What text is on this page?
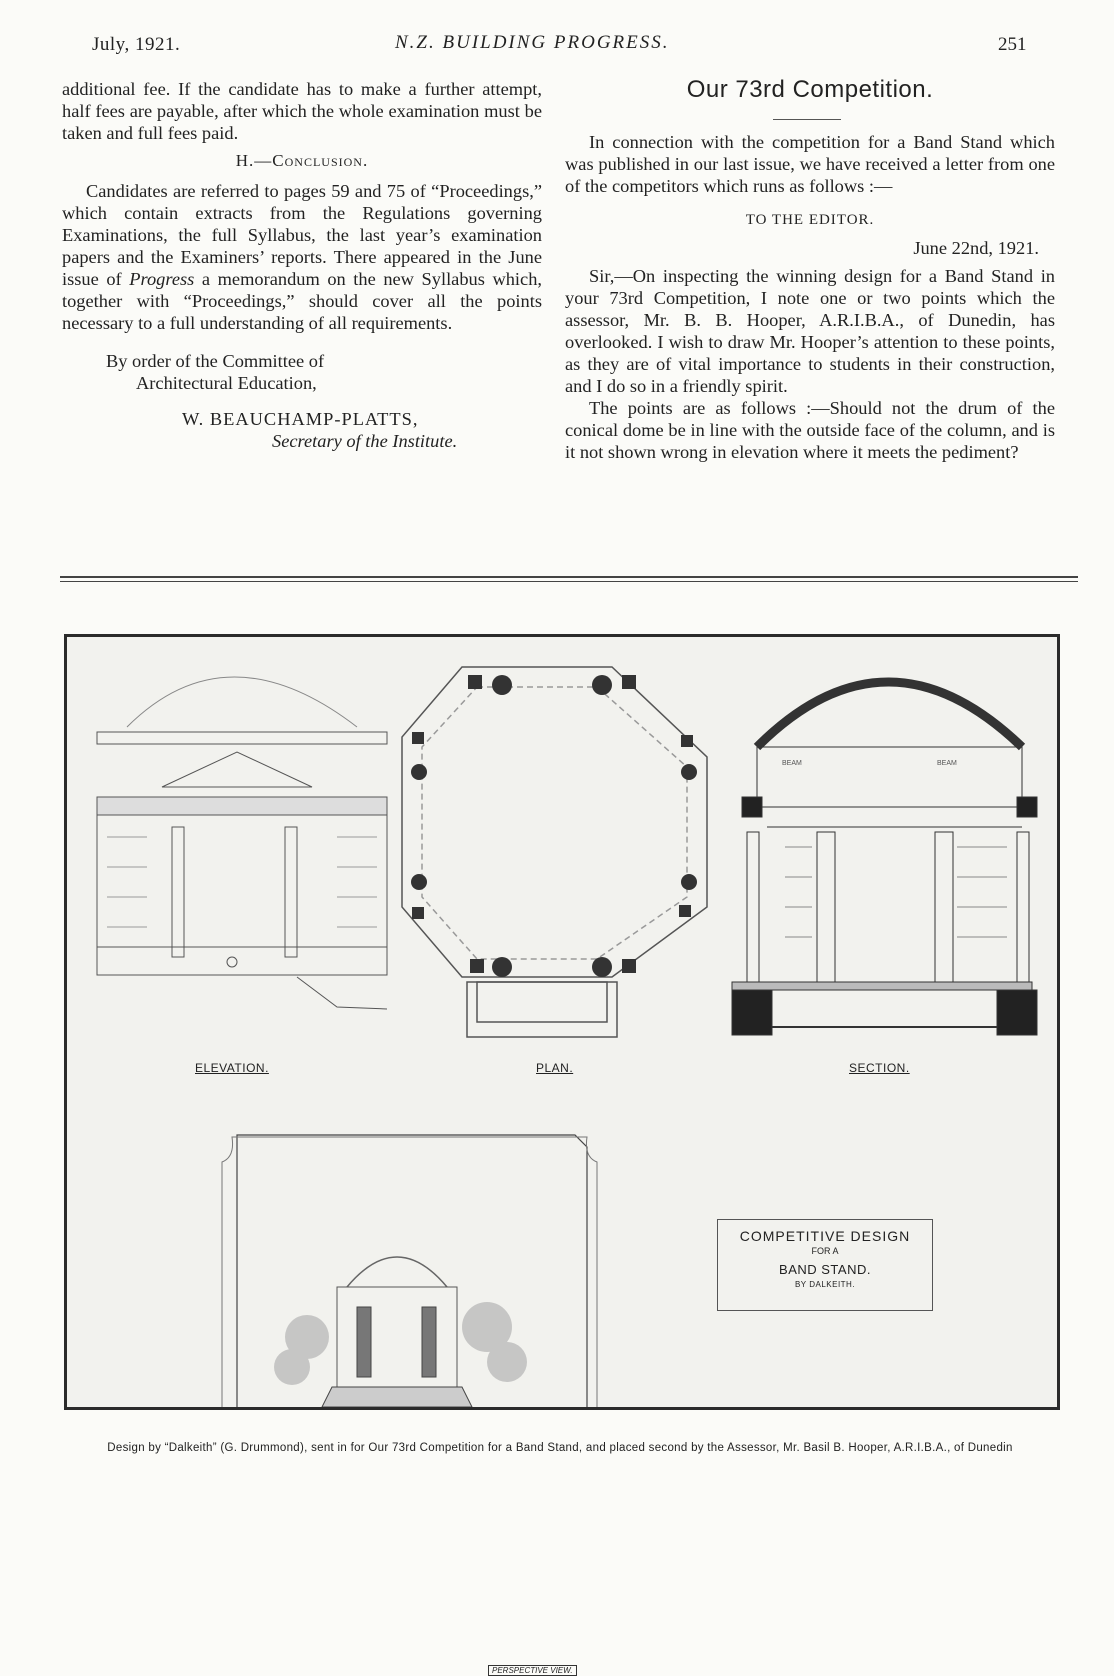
July, 1921.	N.Z. BUILDING PROGRESS.	251

additional fee. If the candidate has to make a further attempt, half fees are payable, after which the whole examination must be taken and full fees paid.

H.—Conclusion.

Candidates are referred to pages 59 and 75 of “Proceedings,” which contain extracts from the Regulations governing Examinations, the full Syllabus, the last year’s examination papers and the Examiners’ reports. There appeared in the June issue of Progress a memorandum on the new Syllabus which, together with “Proceedings,” should cover all the points necessary to a full understanding of all requirements.

By order of the Committee of

Architectural Education,

W. BEAUCHAMP-PLATTS,

Secretary of the Institute.

Our 73rd Competition.

In connection with the competition for a Band Stand which was published in our last issue, we have received a letter from one of the competitors which runs as follows :—

TO THE EDITOR.

June 22nd, 1921.

Sir,—On inspecting the winning design for a Band Stand in your 73rd Competition, I note one or two points which the assessor, Mr. B. B. Hooper, A.R.I.B.A., of Dunedin, has overlooked. I wish to draw Mr. Hooper’s attention to these points, as they are of vital importance to students in their construction, and I do so in a friendly spirit.

The points are as follows :—Should not the drum of the conical dome be in line with the outside face of the column, and is it not shown wrong in elevation where it meets the pediment?

BEAM	BEAM
ELEVATION.	PLAN.	SECTION.
PERSPECTIVE VIEW.
COMPETITIVE DESIGN
FOR A
BAND STAND.
BY DALKEITH.
Design by “Dalkeith” (G. Drummond), sent in for Our 73rd Competition for a Band Stand, and placed second by the Assessor, Mr. Basil B. Hooper, A.R.I.B.A., of Dunedin
